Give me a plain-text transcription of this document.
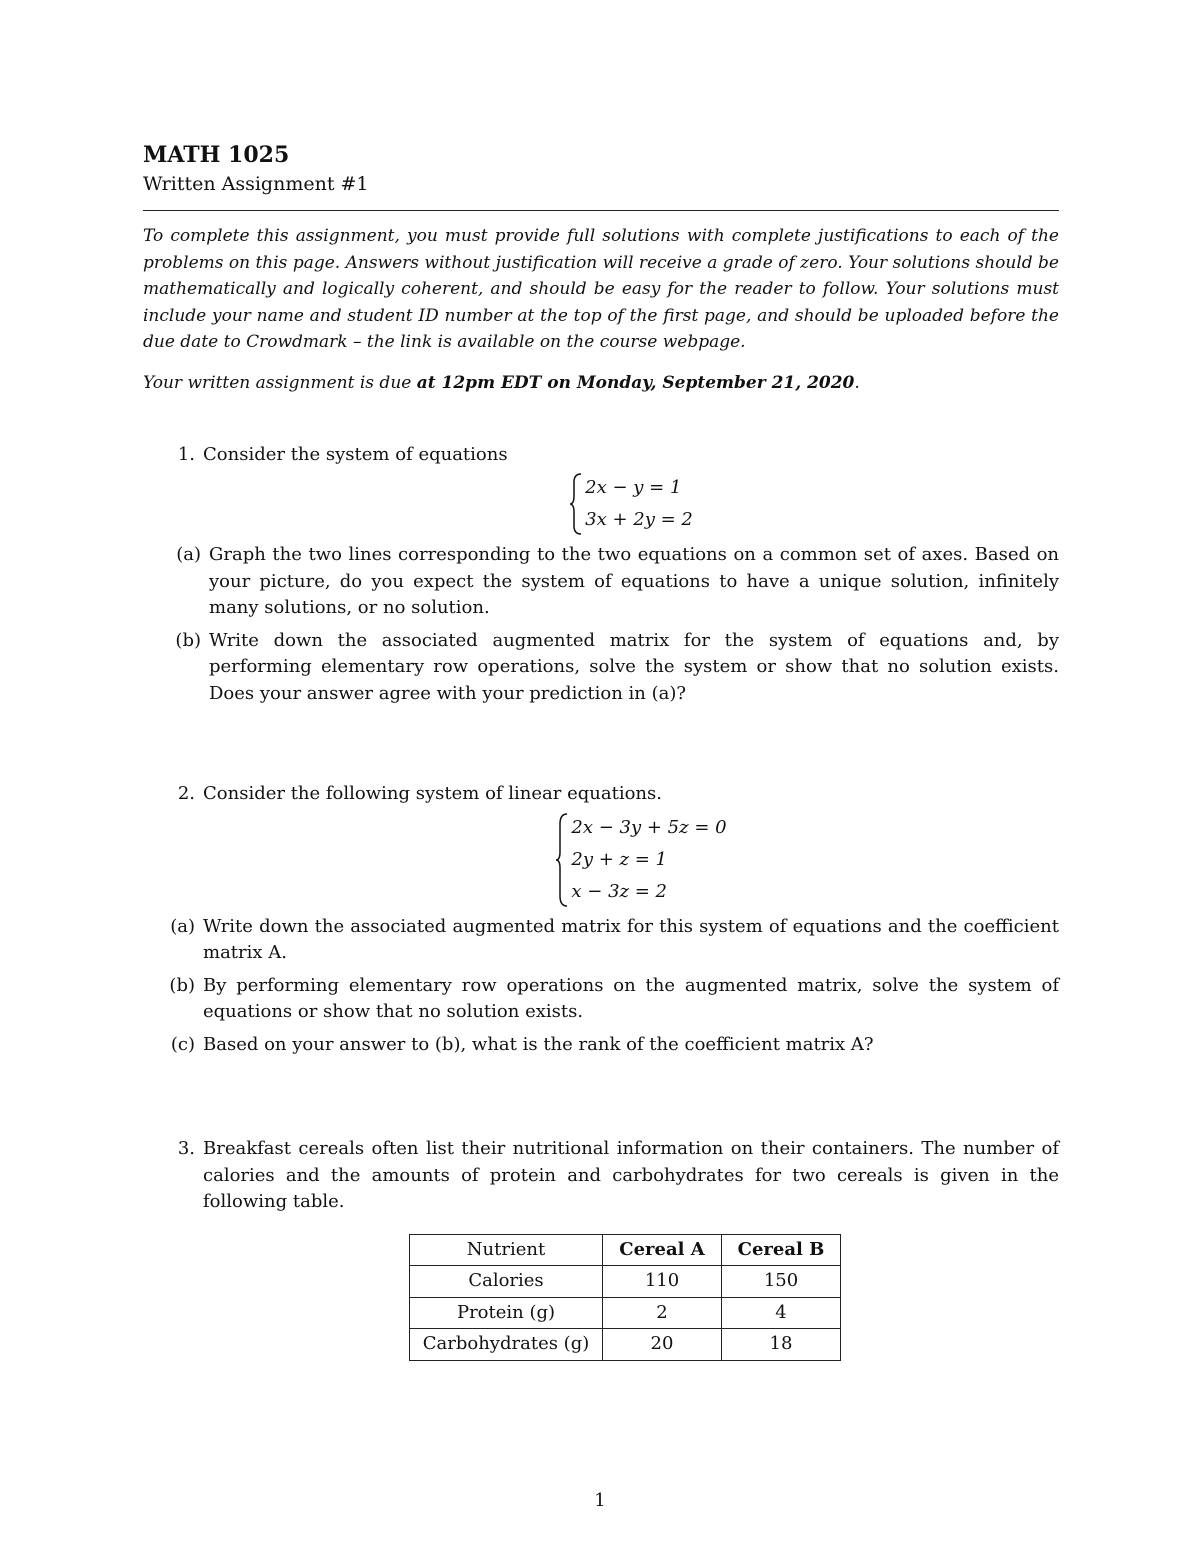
MATH 1025
Written Assignment #1

To complete this assignment, you must provide full solutions with complete justifications to each of the problems on this page. Answers without justification will receive a grade of zero. Your solutions should be mathematically and logically coherent, and should be easy for the reader to follow. Your solutions must include your name and student ID number at the top of the first page, and should be uploaded before the due date to Crowdmark – the link is available on the course webpage.

Your written assignment is due at 12pm EDT on Monday, September 21, 2020.

1. Consider the system of equations
2x − y = 1
3x + 2y = 2
(a) Graph the two lines corresponding to the two equations on a common set of axes. Based on your picture, do you expect the system of equations to have a unique solution, infinitely many solutions, or no solution.
(b) Write down the associated augmented matrix for the system of equations and, by performing elementary row operations, solve the system or show that no solution exists. Does your answer agree with your prediction in (a)?
2. Consider the following system of linear equations.
2x − 3y + 5z = 0
2y + z = 1
x − 3z = 2
(a) Write down the associated augmented matrix for this system of equations and the coefficient matrix A.
(b) By performing elementary row operations on the augmented matrix, solve the system of equations or show that no solution exists.
(c) Based on your answer to (b), what is the rank of the coefficient matrix A?
3. Breakfast cereals often list their nutritional information on their containers. The number of calories and the amounts of protein and carbohydrates for two cereals is given in the following table.
Nutrient	Cereal A	Cereal B
Calories	110	150
Protein (g)	2	4
Carbohydrates (g)	20	18
1
